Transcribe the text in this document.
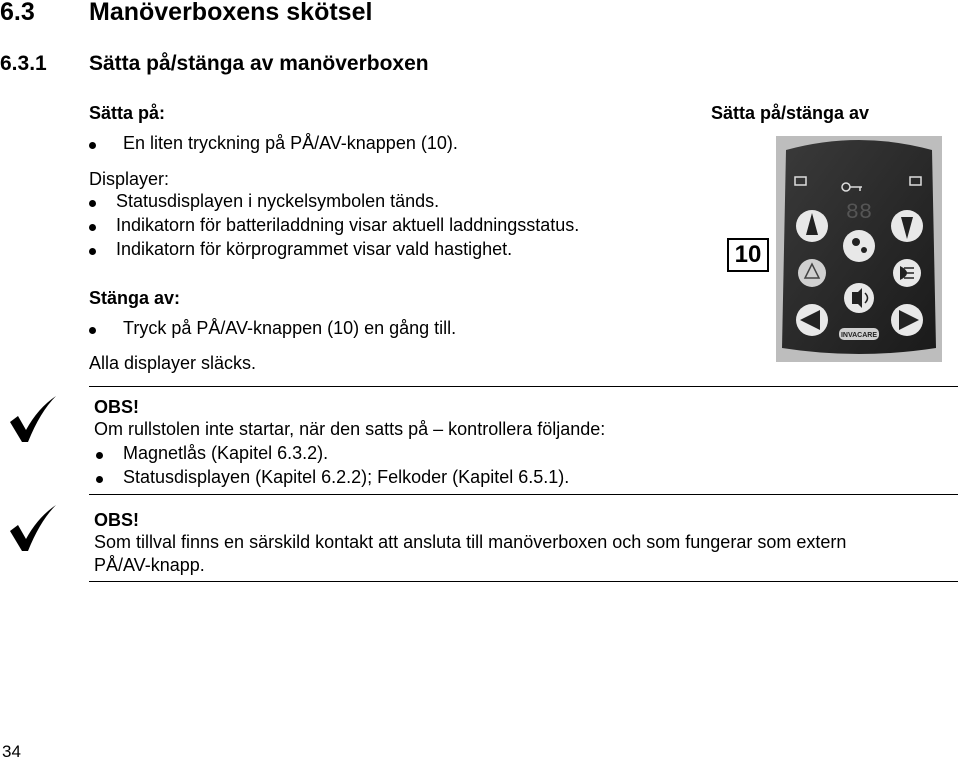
6.3 Manöverboxens skötsel
6.3.1 Sätta på/stänga av manöverboxen
Sätta på:
En liten tryckning på PÅ/AV-knappen (10).
Displayer:
Statusdisplayen i nyckelsymbolen tänds.
Indikatorn för batteriladdning visar aktuell laddningsstatus.
Indikatorn för körprogrammet visar vald hastighet.
Stänga av:
Tryck på PÅ/AV-knappen (10) en gång till.
Alla displayer släcks.
Sätta på/stänga av
10
88
INVACARE
OBS!
Om rullstolen inte startar, när den satts på – kontrollera följande:
Magnetlås (Kapitel 6.3.2).
Statusdisplayen (Kapitel 6.2.2); Felkoder (Kapitel 6.5.1).
OBS!
Som tillval finns en särskild kontakt att ansluta till manöverboxen och som fungerar som extern
PÅ/AV-knapp.
34
